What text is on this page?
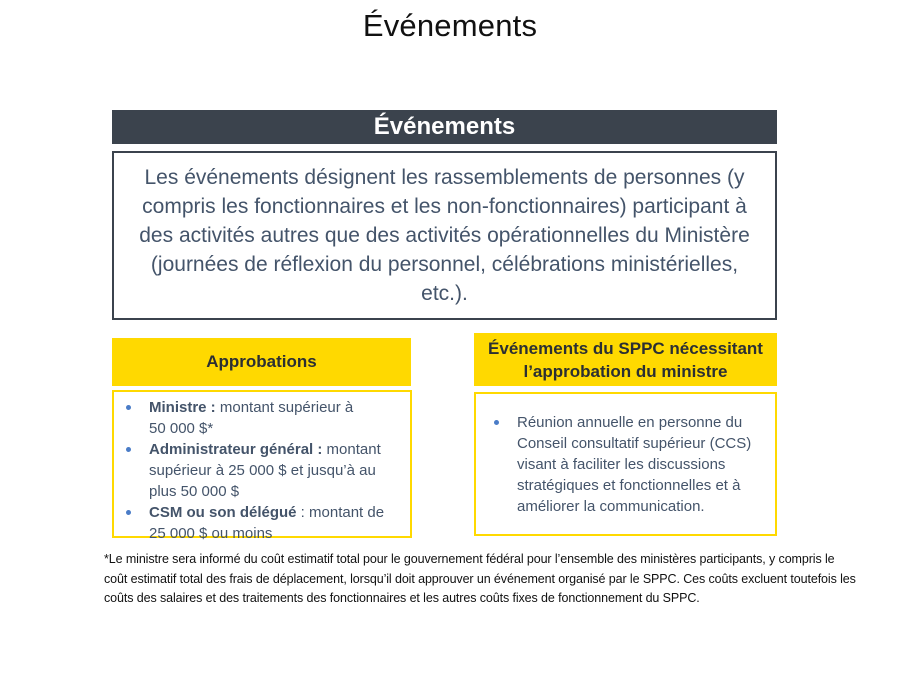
Événements
Événements

Les événements désignent les rassemblements de personnes (y compris les fonctionnaires et les non-fonctionnaires) participant à des activités autres que des activités opérationnelles du Ministère (journées de réflexion du personnel, célébrations ministérielles, etc.).

Approbations

Ministre : montant supérieur à 50 000 $*

Administrateur général : montant supérieur à 25 000 $ et jusqu’à au plus 50 000 $

CSM ou son délégué : montant de 25 000 $ ou moins

Événements du SPPC nécessitant l’approbation du ministre

Réunion annuelle en personne du Conseil consultatif supérieur (CCS) visant à faciliter les discussions stratégiques et fonctionnelles et à améliorer la communication.

*Le ministre sera informé du coût estimatif total pour le gouvernement fédéral pour l’ensemble des ministères participants, y compris le coût estimatif total des frais de déplacement, lorsqu’il doit approuver un événement organisé par le SPPC. Ces coûts excluent toutefois les coûts des salaires et des traitements des fonctionnaires et les autres coûts fixes de fonctionnement du SPPC.
